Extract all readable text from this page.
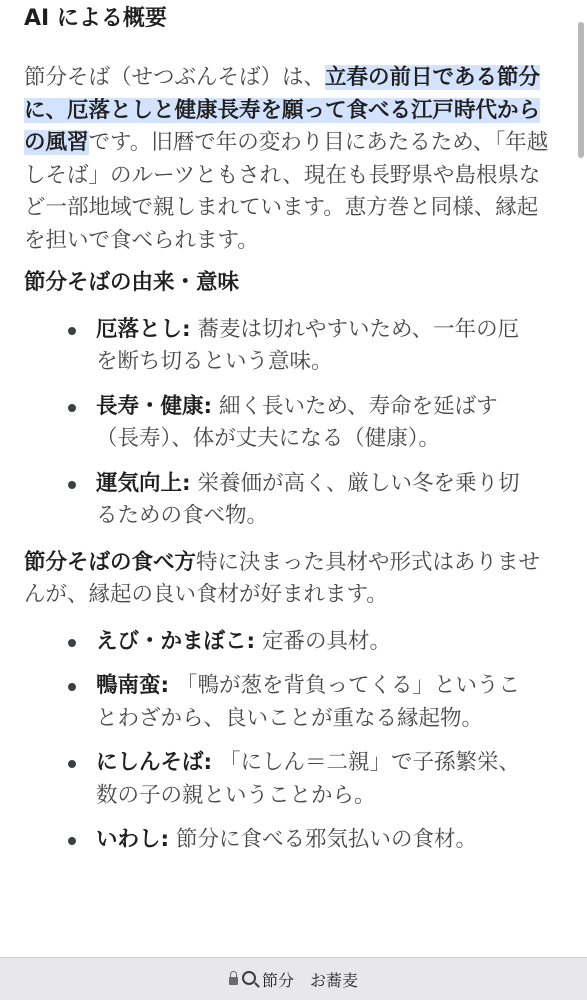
AI による概要
節分そば（せつぶんそば）は、立春の前日である節分に、厄落としと健康長寿を願って食べる江戸時代からの風習です。旧暦で年の変わり目にあたるため、「年越しそば」のルーツともされ、現在も長野県や島根県など一部地域で親しまれています。恵方巻と同様、縁起を担いで食べられます。
節分そばの由来・意味
厄落とし: 蕎麦は切れやすいため、一年の厄を断ち切るという意味。
長寿・健康: 細く長いため、寿命を延ばす（長寿）、体が丈夫になる（健康）。
運気向上: 栄養価が高く、厳しい冬を乗り切るための食べ物。
節分そばの食べ方特に決まった具材や形式はありませんが、縁起の良い食材が好まれます。
えび・かまぼこ: 定番の具材。
鴨南蛮: 「鴨が葱を背負ってくる」ということわざから、良いことが重なる縁起物。
にしんそば: 「にしん＝二親」で子孫繁栄、数の子の親ということから。
いわし: 節分に食べる邪気払いの食材。
節分　お蕎麦
